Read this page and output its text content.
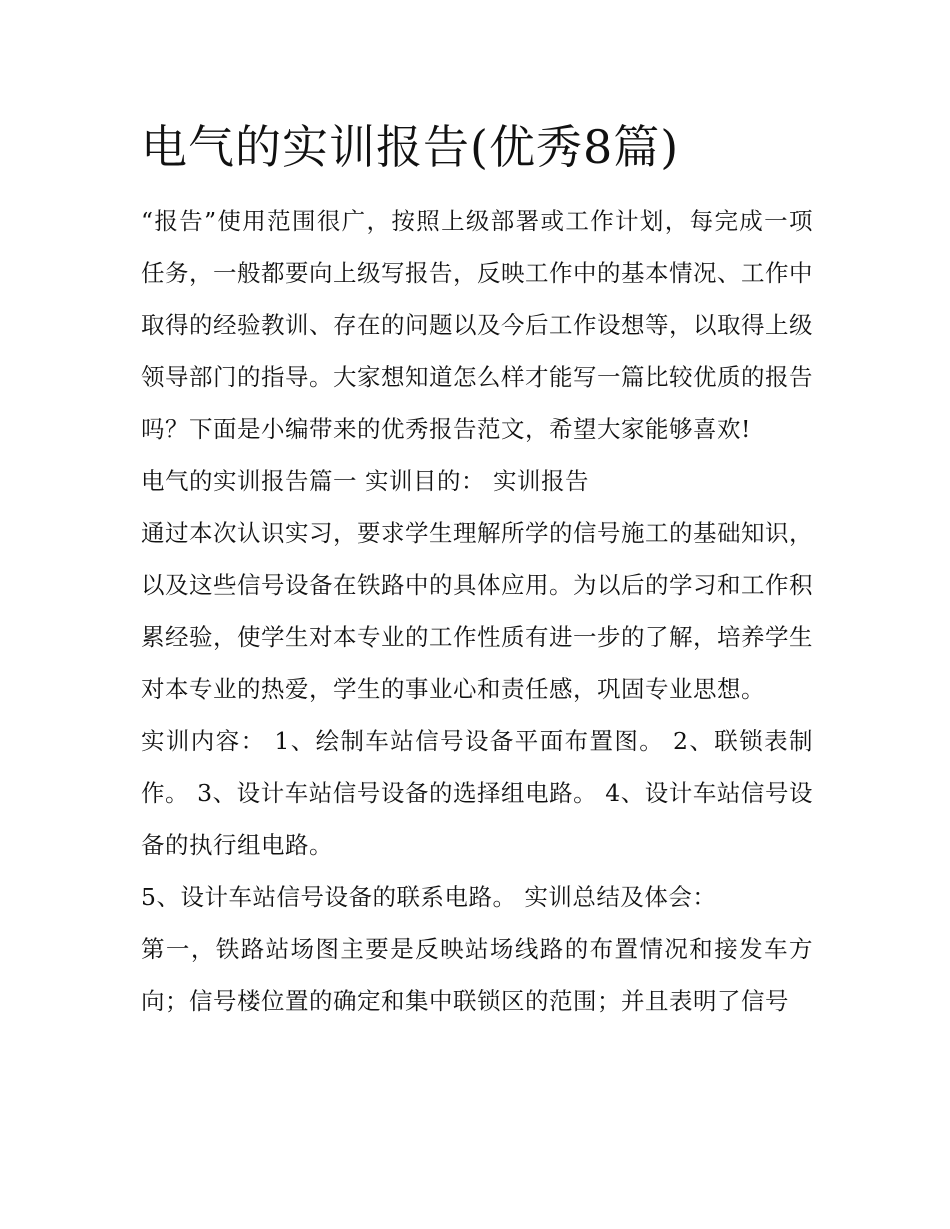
电气的实训报告(优秀8篇)

“报告”使用范围很广，按照上级部署或工作计划，每完成一项任务，一般都要向上级写报告，反映工作中的基本情况、工作中取得的经验教训、存在的问题以及今后工作设想等，以取得上级领导部门的指导。大家想知道怎么样才能写一篇比较优质的报告吗？下面是小编带来的优秀报告范文，希望大家能够喜欢!

电气的实训报告篇一 实训目的： 实训报告

通过本次认识实习，要求学生理解所学的信号施工的基础知识，以及这些信号设备在铁路中的具体应用。为以后的学习和工作积累经验，使学生对本专业的工作性质有进一步的了解，培养学生对本专业的热爱，学生的事业心和责任感，巩固专业思想。

实训内容： 1、绘制车站信号设备平面布置图。 2、联锁表制作。 3、设计车站信号设备的选择组电路。 4、设计车站信号设备的执行组电路。

5、设计车站信号设备的联系电路。 实训总结及体会：

第一，铁路站场图主要是反映站场线路的布置情况和接发车方向；信号楼位置的确定和集中联锁区的范围；并且表明了信号
